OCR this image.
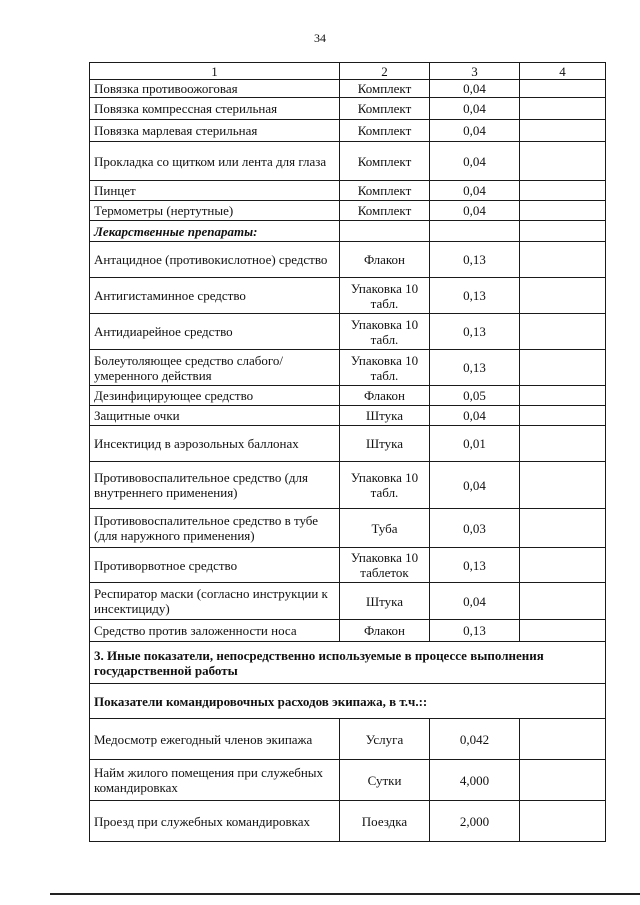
34
1	2	3	4
Повязка противоожоговая	Комплект	0,04	
Повязка компрессная стерильная	Комплект	0,04	
Повязка марлевая стерильная	Комплект	0,04	
Прокладка со щитком или лента для глаза	Комплект	0,04	
Пинцет	Комплект	0,04	
Термометры (нертутные)	Комплект	0,04	
Лекарственные препараты:			
Антацидное (противокислотное) средство	Флакон	0,13	
Антигистаминное средство	Упаковка 10 табл.	0,13	
Антидиарейное средство	Упаковка 10 табл.	0,13	
Болеутоляющее средство слабого/умеренного действия	Упаковка 10 табл.	0,13	
Дезинфицирующее средство	Флакон	0,05	
Защитные очки	Штука	0,04	
Инсектицид в аэрозольных баллонах	Штука	0,01	
Противовоспалительное средство (для внутреннего применения)	Упаковка 10 табл.	0,04	
Противовоспалительное средство в тубе (для наружного применения)	Туба	0,03	
Противорвотное средство	Упаковка 10 таблеток	0,13	
Респиратор маски (согласно инструкции к инсектициду)	Штука	0,04	
Средство против заложенности носа	Флакон	0,13	
3. Иные показатели, непосредственно используемые в процессе выполнения государственной работы			
Показатели командировочных расходов экипажа, в т.ч.::			
Медосмотр ежегодный членов экипажа	Услуга	0,042	
Найм жилого помещения при служебных командировках	Сутки	4,000	
Проезд при служебных командировках	Поездка	2,000	
